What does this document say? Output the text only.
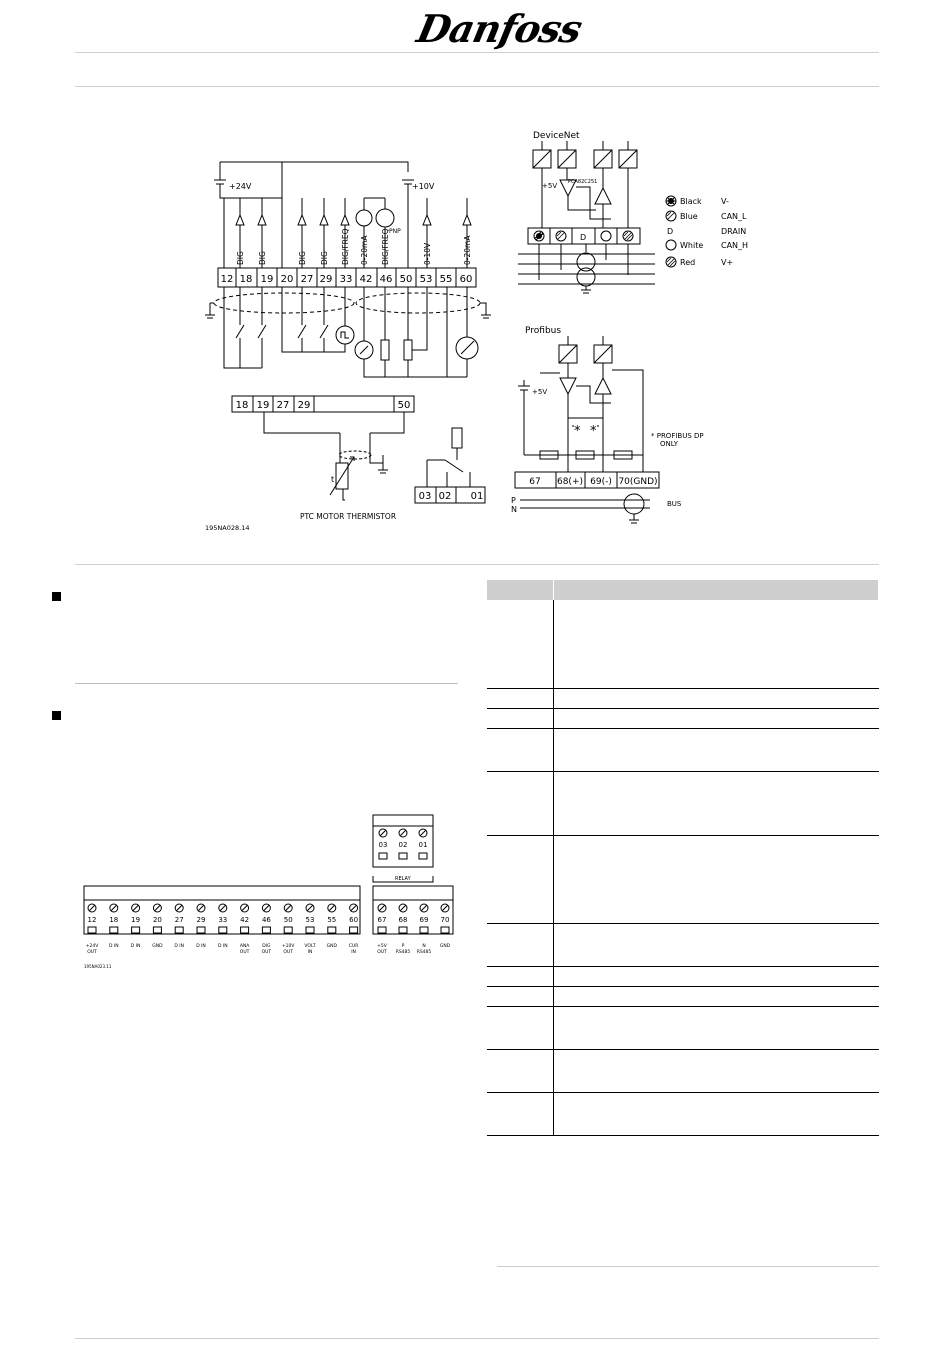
Danfoss
+24V	+10V
PNP
DIG DIG	DIG DIG DIG/FREQ 0-20mA DIG/FREQ	0-10V	0-20mA
12 18 19 20 27 29 33 42 46 50 53 55 60
18 19 27 29	50
03 02 01
t
PTC MOTOR THERMISTOR
195NA028.14
DeviceNet
+5V PCA82C251
D
Black V-
Blue	CAN_L
D	DRAIN
White CAN_H
Red	V+
Profibus
+5V
* *	* PROFIBUS DP
ONLY
67 68(+) 69(-) 70(GND)
P
N
BUS
03 02 01
12
+24V
OUT
18
D IN
19
D IN
20
GND
27
D IN
29
D IN
33
D IN
42
ANA
OUT
46
DIG
OUT
50
+10V
OUT
53
VOLT
IN
55
GND
60
CUR
IN
67
+5V
OUT
68
P
RS485
69
N
RS485
70
GND
RELAY
195NA023.11
